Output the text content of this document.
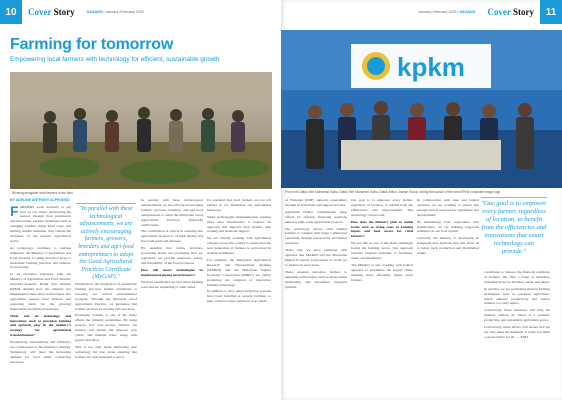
10	Cover Story	DAGANG | January–February 2025
Farming for tomorrow
Empowering local farmers with technology for efficient, sustainable growth
Working alongside local farmers in the field

BY ADELINE ANTHONY ALPHONSO

FARMERS work tirelessly to put food on our tables, persevering the seasons through their persistence and innovation. Despite challenges such as changing weather, rising input costs, and shifting market demands, they remain the backbone of the nation's agricultural sector.

As technology continues to reshape industries, the Ministry of Agriculture and Food Security is taking proactive steps to modernise farming practices and enhance food security.

In an exclusive interview with the Ministry of Agriculture and Food Security Secretary-General, Datuk Seri Ahmad, KPKM detailed how the ministry has implemented innovative technologies into agriculture, support rural farmers, and preparing them for the growing imperatives and limited landscape.

What role do technology and innovation, such as precision farming and agritech, play in the ministry's strategy for agricultural transformation?

Productivity, sustainability and efficiency are cornerstones of the ministry's strategy. Technology will meet the increasing demand for food while conserving resources.

Furthermore, the integration of sustainable farming practices further contributes to lowering our overall environmental footprint. Through the Malaysia Good Agricultural Practice, we guarantee that farmers produce food using safe practices.

Promoting training is one of the many efforts the ministry undertakes. By using sensors, IoT, and drones, farmers can monitor soil health and improve crop yields, and manage water usage with greater precision.

This is not only about embracing new technology but also about ensuring that farmers are well equipped to use it.

"In parallel with these technological advancements, we are actively encouraging farmers, growers, breeders and agri-food entrepreneurs to adopt the Good Agricultural Practices Certificate (MyGAP)."

In parallel with these technological advancements, we are actively encouraging farmers, growers, breeders, and agri-food entrepreneurs to adopt the Malaysian Good Agricultural Practices (MyGAP) certification.

The certification is critical in ensuring that agricultural produce is of high quality and free from pests and diseases.

By ensuring that farms, abattoirs, processing plants, and packaging sites are registered, we provide assurance, safety, and traceability of the food produced.

How will smart technologies be implemented among rural farmers?

We have established our first smart farming zone and are expanding to other states.

It's essential that rural farmers are not left behind as we modernise our agricultural landscape.

Smart technologies implementation requires more than investments; it requires an approach that supports rural farmers with training and financial support.

We are already working with agricultural colleges across the country to ensure that the next generation of farmers is well-versed in modern techniques.

For example, the Malaysian Agricultural Research and Development Institute (MARDI) and the Malaysian Digital Economy Corporation (MDEC) are jointly promoting the adoption of innovative farming technology.

In addition to that, smart irrigation systems have been installed at several facilities to help conserve water and boost crop yields.

January–February 2025 | DAGANG Cover Story	11
kpkm
From left: Datuk Seri Mohamad Sabu, Datuk Seri Mohamed Sabu, Datuk Arthur Joseph Kurup, during the launch of the new KPKM corporate image logo

of Fisheries (DOF) supports aquaculture through its fish farms and support services.

Aquabank further complements these efforts by offering financing solutions aimed at high-value agricultural projects.

Our technology allows even smaller farmers to compete with larger commercial operations through connectivity and shared resources.

That's why we have partnered with agencies like MARDI and the Malaysian Digital Economy Corporation to reach out to farmers in rural areas.

These sessions introduce farmers to emerging technologies such as drone-based monitoring and automated irrigation systems.

Our goal is to empower every farmer, regardless of location, to benefit from the efficiencies and improvements that technology can provide.

How does the Ministry plan to tackle issues such as rising costs of farming inputs and food access for rural farmers?

We see this as one of the main challenges facing the farming sector. Our approach includes targeted subsidies to fertilisers, seeds, and machinery.

The Ministry is also working with federal agencies to streamline the supply chain, ensuring more affordable inputs reach farmers.

In collaboration with state and federal agencies, we are working to ensure that enough land is reserved for agriculture and development.

By maintaining close cooperation with stakeholders, we are building long-term resilience in our food system.

Currently, the ministry is developing an integrated data platform that will allow us to better track production and distribution trends.

"Our goal is to empower every farmer, regardless of location, to benefit from the efficiencies and innovations that smart technology can provide."

contributes to balance the financial resilience of farmers. We offer a range of subsidies, including those for fertiliser, seeds, and diesel.

In parallel, we are promoting modern farming techniques, such as precision agriculture, which enhance productivity and reduce reliance on costly inputs.

Collectively, these measures will help the ministry achieve its vision of a resilient, productive, and sustainable agriculture sector.

Collectively, these efforts will ensure that we not only meet the demands of today but build a secure future for all. — END
